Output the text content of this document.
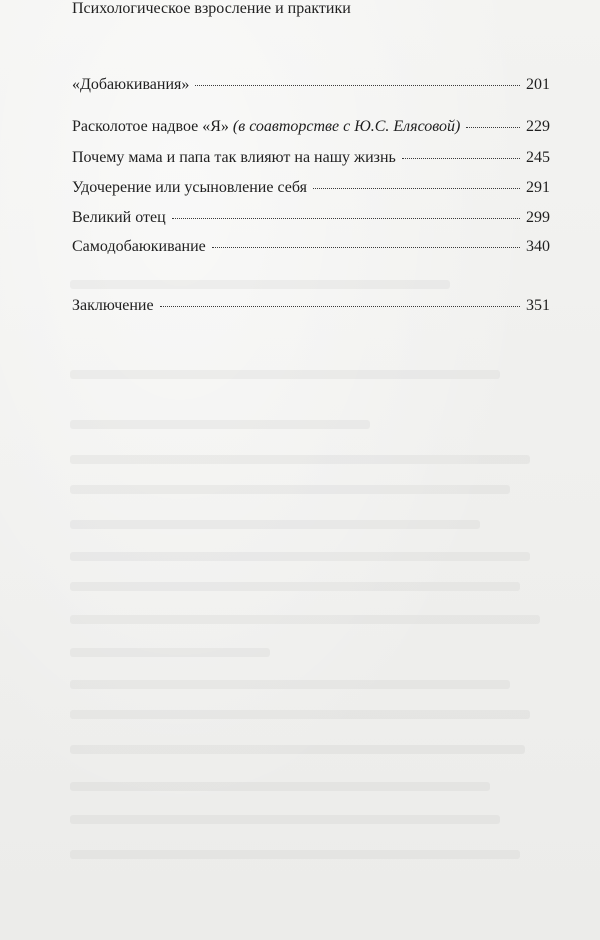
Психологическое взросление и практики
«Добаюкивания»	201
Расколотое надвое «Я» (в соавторстве с Ю.С. Елясовой)	229
Почему мама и папа так влияют на нашу жизнь	245
Удочерение или усыновление себя	291
Великий отец	299
Самодобаюкивание	340
Заключение	351
